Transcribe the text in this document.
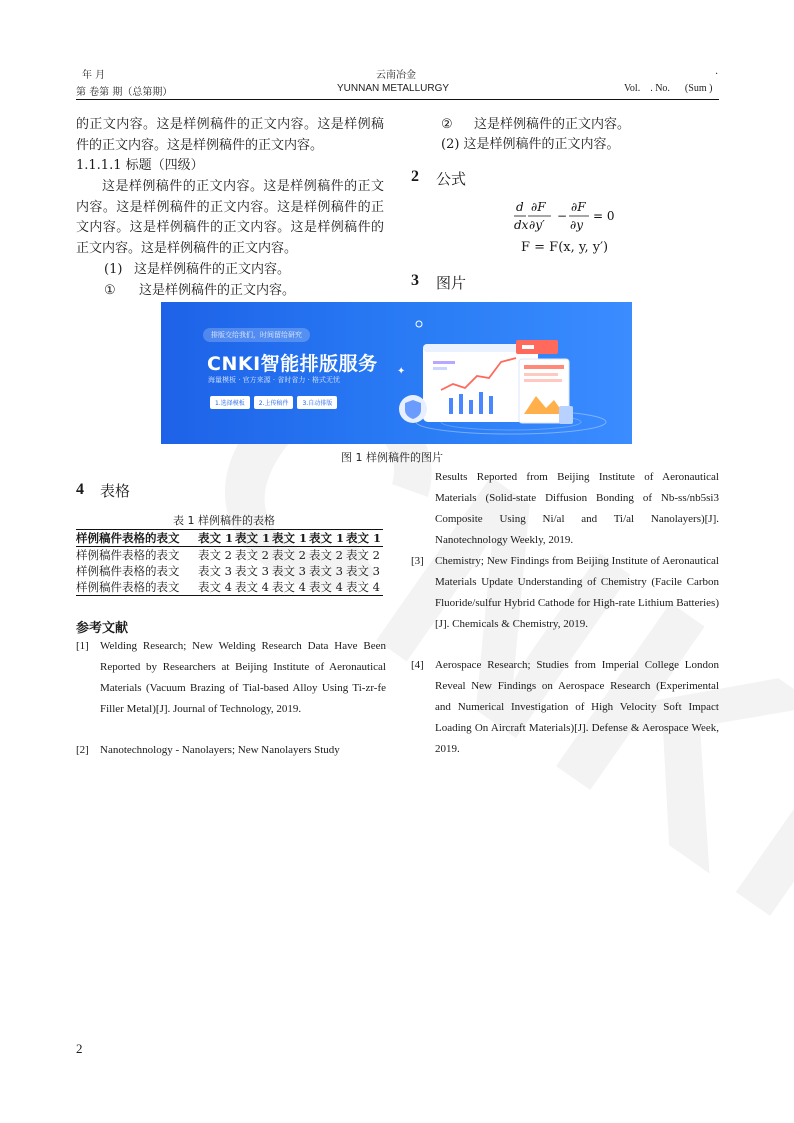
年 月
第 卷第 期（总第期）
云南冶金
YUNNAN METALLURGY
.
Vol.    . No.      (Sum )
的正文内容。这是样例稿件的正文内容。这是样例稿件的正文内容。这是样例稿件的正文内容。
1.1.1.1 标题（四级）
这是样例稿件的正文内容。这是样例稿件的正文内容。这是样例稿件的正文内容。这是样例稿件的正文内容。这是样例稿件的正文内容。这是样例稿件的正文内容。这是样例稿件的正文内容。
(1) 这是样例稿件的正文内容。
① 这是样例稿件的正文内容。
② 这是样例稿件的正文内容。
(2) 这是样例稿件的正文内容。
2 公式
d
dx
∂F
∂y′
−
∂F
∂y
= 0
F = F(x, y, y′)
3 图片
排版交给我们，时间留给研究
CNKI智能排版服务
海量模板 · 官方来源 · 省时省力 · 格式无忧
1.选择模板	2.上传稿件	3.自动排版
✦
图 1 样例稿件的图片
4 表格
表 1 样例稿件的表格
样例稿件表格的表文	表文 1	表文 1	表文 1	表文 1	表文 1
样例稿件表格的表文	表文 2	表文 2	表文 2	表文 2	表文 2
样例稿件表格的表文	表文 3	表文 3	表文 3	表文 3	表文 3
样例稿件表格的表文	表文 4	表文 4	表文 4	表文 4	表文 4
参考文献
[1] Welding Research; New Welding Research Data Have Been Reported by Researchers at Beijing Institute of Aeronautical Materials (Vacuum Brazing of Tial-based Alloy Using Ti-zr-fe Filler Metal)[J]. Journal of Technology, 2019.
[2] Nanotechnology - Nanolayers; New Nanolayers Study
Results Reported from Beijing Institute of Aeronautical Materials (Solid-state Diffusion Bonding of Nb-ss/nb5si3 Composite Using Ni/al and Ti/al Nanolayers)[J]. Nanotechnology Weekly, 2019.
[3] Chemistry; New Findings from Beijing Institute of Aeronautical Materials Update Understanding of Chemistry (Facile Carbon Fluoride/sulfur Hybrid Cathode for High-rate Lithium Batteries)[J]. Chemicals & Chemistry, 2019.
[4] Aerospace Research; Studies from Imperial College London Reveal New Findings on Aerospace Research (Experimental and Numerical Investigation of High Velocity Soft Impact Loading On Aircraft Materials)[J]. Defense & Aerospace Week, 2019.
2
